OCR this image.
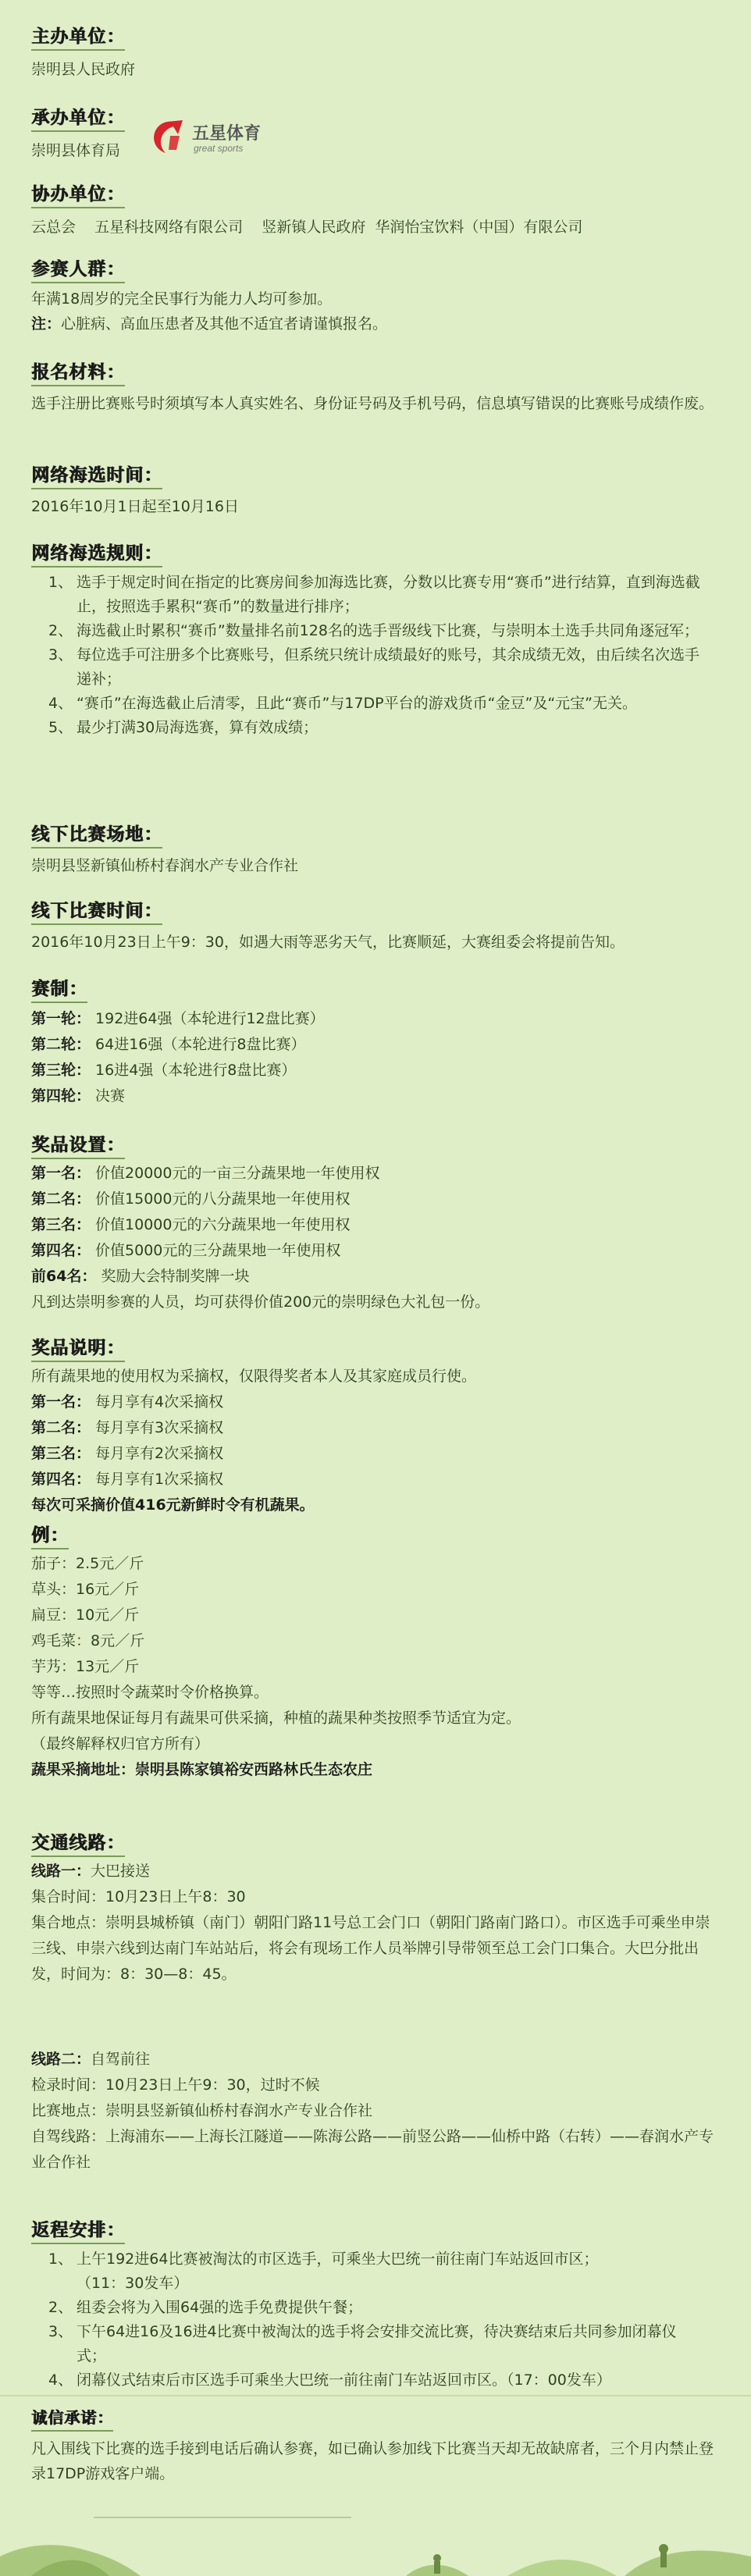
主办单位：

崇明县人民政府

承办单位：

崇明县体育局

协办单位：

云总会    五星科技网络有限公司    竖新镇人民政府  华润怡宝饮料（中国）有限公司

参赛人群：

年满18周岁的完全民事行为能力人均可参加。

注：心脏病、高血压患者及其他不适宜者请谨慎报名。

报名材料：

选手注册比赛账号时须填写本人真实姓名、身份证号码及手机号码，信息填写错误的比赛账号成绩作废。

网络海选时间：

2016年10月1日起至10月16日

网络海选规则：
1、 选手于规定时间在指定的比赛房间参加海选比赛，分数以比赛专用“赛币”进行结算，直到海选截止，按照选手累积“赛币”的数量进行排序；
2、 海选截止时累积“赛币”数量排名前128名的选手晋级线下比赛，与崇明本土选手共同角逐冠军；
3、 每位选手可注册多个比赛账号，但系统只统计成绩最好的账号，其余成绩无效，由后续名次选手递补；
4、 “赛币”在海选截止后清零，且此“赛币”与17DP平台的游戏货币“金豆”及“元宝”无关。
5、 最少打满30局海选赛，算有效成绩；
线下比赛场地：

崇明县竖新镇仙桥村春润水产专业合作社

线下比赛时间：

2016年10月23日上午9：30，如遇大雨等恶劣天气，比赛顺延，大赛组委会将提前告知。

赛制：

第一轮： 192进64强（本轮进行12盘比赛）

第二轮： 64进16强（本轮进行8盘比赛）

第三轮： 16进4强（本轮进行8盘比赛）

第四轮： 决赛

奖品设置：

第一名： 价值20000元的一亩三分蔬果地一年使用权

第二名： 价值15000元的八分蔬果地一年使用权

第三名： 价值10000元的六分蔬果地一年使用权

第四名： 价值5000元的三分蔬果地一年使用权

前64名： 奖励大会特制奖牌一块

凡到达崇明参赛的人员，均可获得价值200元的崇明绿色大礼包一份。

奖品说明：

所有蔬果地的使用权为采摘权，仅限得奖者本人及其家庭成员行使。

第一名： 每月享有4次采摘权

第二名： 每月享有3次采摘权

第三名： 每月享有2次采摘权

第四名： 每月享有1次采摘权

每次可采摘价值416元新鲜时令有机蔬果。

例：

茄子：2.5元／斤

草头：16元／斤

扁豆：10元／斤

鸡毛菜：8元／斤

芋艿：13元／斤

等等…按照时令蔬菜时令价格换算。

所有蔬果地保证每月有蔬果可供采摘，种植的蔬果种类按照季节适宜为定。

（最终解释权归官方所有）

蔬果采摘地址：崇明县陈家镇裕安西路林氏生态农庄

交通线路：

线路一：大巴接送

集合时间：10月23日上午8：30

集合地点：崇明县城桥镇（南门）朝阳门路11号总工会门口（朝阳门路南门路口）。市区选手可乘坐申崇三线、申崇六线到达南门车站站后，将会有现场工作人员举牌引导带领至总工会门口集合。大巴分批出发，时间为：8：30—8：45。

线路二：自驾前往

检录时间：10月23日上午9：30，过时不候

比赛地点：崇明县竖新镇仙桥村春润水产专业合作社

自驾线路：上海浦东——上海长江隧道——陈海公路——前竖公路——仙桥中路（右转）——春润水产专业合作社

返程安排：
1、 上午192进64比赛被淘汰的市区选手，可乘坐大巴统一前往南门车站返回市区；
（11：30发车）
2、 组委会将为入围64强的选手免费提供午餐；
3、 下午64进16及16进4比赛中被淘汰的选手将会安排交流比赛，待决赛结束后共同参加闭幕仪式；
4、 闭幕仪式结束后市区选手可乘坐大巴统一前往南门车站返回市区。（17：00发车）
诚信承诺：

凡入围线下比赛的选手接到电话后确认参赛，如已确认参加线下比赛当天却无故缺席者，三个月内禁止登录17DP游戏客户端。

五星体育
great sports
